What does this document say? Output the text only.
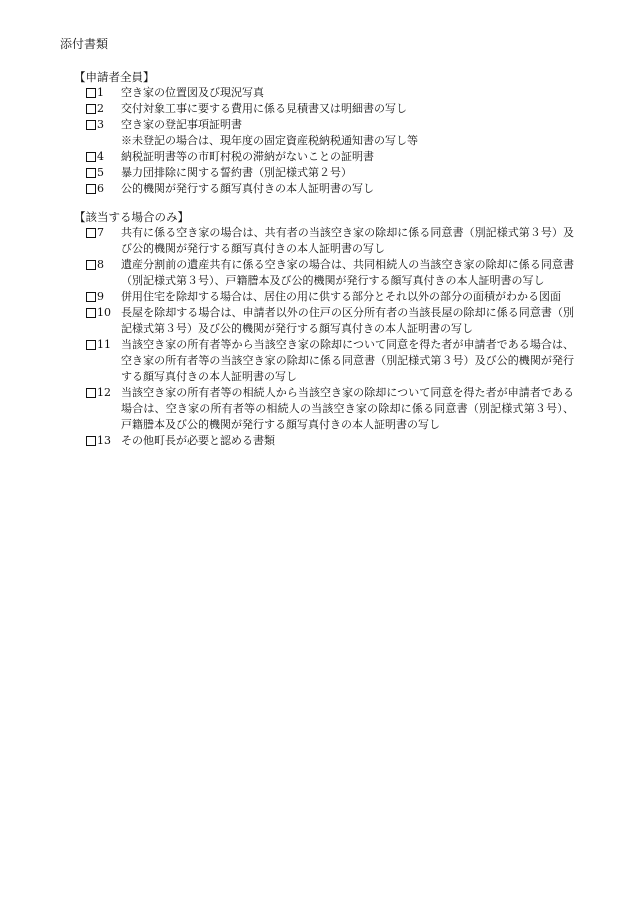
添付書類
【申請者全員】
1	空き家の位置図及び現況写真
2	交付対象工事に要する費用に係る見積書又は明細書の写し
3	空き家の登記事項証明書
※未登記の場合は、現年度の固定資産税納税通知書の写し等
4	納税証明書等の市町村税の滞納がないことの証明書
5	暴力団排除に関する誓約書（別記様式第２号）
6	公的機関が発行する顔写真付きの本人証明書の写し
【該当する場合のみ】
7	共有に係る空き家の場合は、共有者の当該空き家の除却に係る同意書（別記様式第３号）及び公的機関が発行する顔写真付きの本人証明書の写し
8	遺産分割前の遺産共有に係る空き家の場合は、共同相続人の当該空き家の除却に係る同意書（別記様式第３号）、戸籍謄本及び公的機関が発行する顔写真付きの本人証明書の写し
9	併用住宅を除却する場合は、居住の用に供する部分とそれ以外の部分の面積がわかる図面
10 長屋を除却する場合は、申請者以外の住戸の区分所有者の当該長屋の除却に係る同意書（別記様式第３号）及び公的機関が発行する顔写真付きの本人証明書の写し
11 当該空き家の所有者等から当該空き家の除却について同意を得た者が申請者である場合は、空き家の所有者等の当該空き家の除却に係る同意書（別記様式第３号）及び公的機関が発行する顔写真付きの本人証明書の写し
12 当該空き家の所有者等の相続人から当該空き家の除却について同意を得た者が申請者である場合は、空き家の所有者等の相続人の当該空き家の除却に係る同意書（別記様式第３号）、戸籍謄本及び公的機関が発行する顔写真付きの本人証明書の写し
13 その他町長が必要と認める書類
